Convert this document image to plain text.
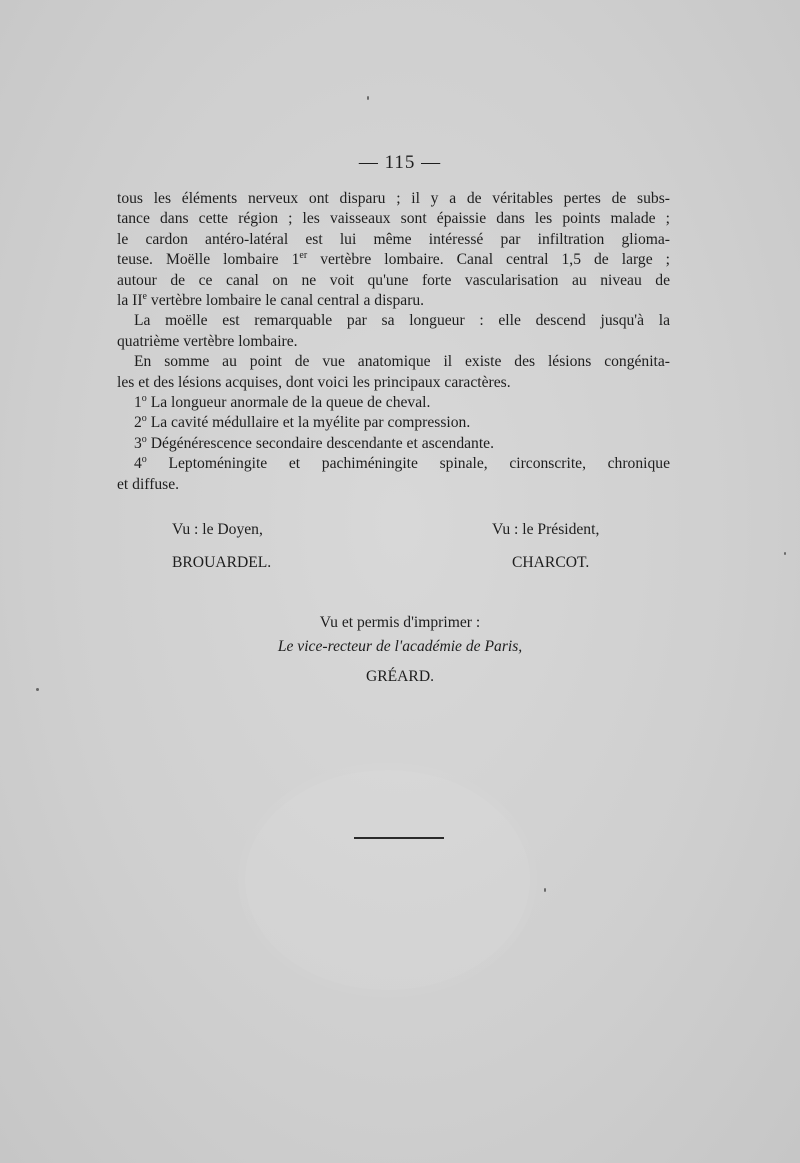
— 115 —
tous les éléments nerveux ont disparu ; il y a de véritables pertes de subs-
tance dans cette région ; les vaisseaux sont épaissie dans les points malade ;
le cardon antéro-latéral est lui même intéressé par infiltration glioma-
teuse. Moëlle lombaire 1er vertèbre lombaire. Canal central 1,5 de large ;
autour de ce canal on ne voit qu'une forte vascularisation au niveau de
la IIe vertèbre lombaire le canal central a disparu.
La moëlle est remarquable par sa longueur : elle descend jusqu'à la
quatrième vertèbre lombaire.
En somme au point de vue anatomique il existe des lésions congénita-
les et des lésions acquises, dont voici les principaux caractères.
1$^o$ La longueur anormale de la queue de cheval.
2$^o$ La cavité médullaire et la myélite par compression.
3$^o$ Dégénérescence secondaire descendante et ascendante.
4$^o$ Leptoméningite et pachiméningite spinale, circonscrite, chronique
et diffuse.
Vu : le Doyen,
BROUARDEL.
Vu : le Président,
CHARCOT.
Vu et permis d'imprimer :
Le vice-recteur de l'académie de Paris,
GRÉARD.
